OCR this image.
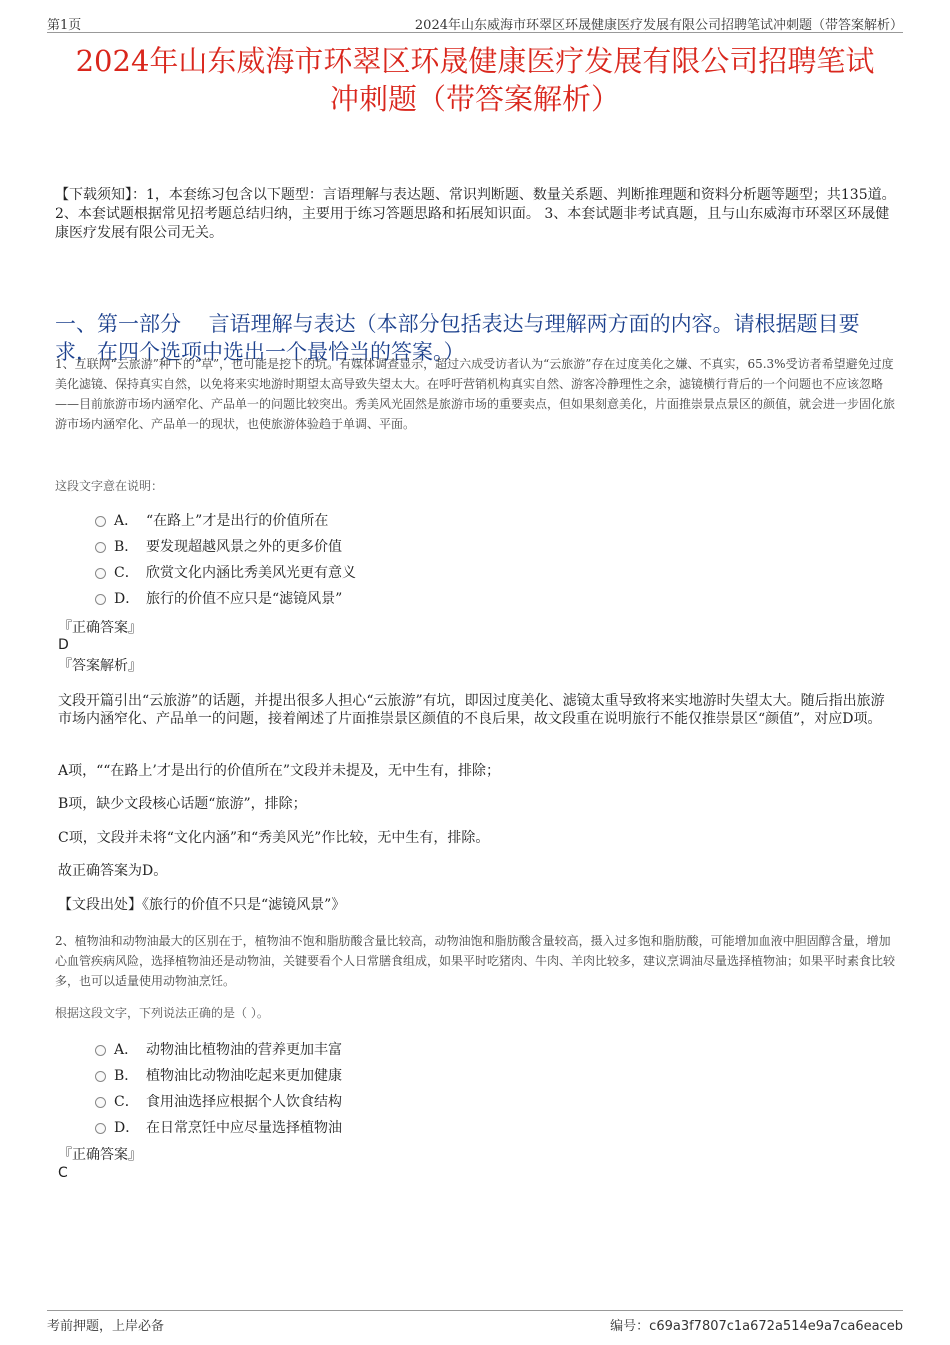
第1页	2024年山东威海市环翠区环晟健康医疗发展有限公司招聘笔试冲刺题（带答案解析）
2024年山东威海市环翠区环晟健康医疗发展有限公司招聘笔试
冲刺题（带答案解析）
【下载须知】：1，本套练习包含以下题型：言语理解与表达题、常识判断题、数量关系题、判断推理题和资料分析题等题型；共135道。 2、本套试题根据常见招考题总结归纳，主要用于练习答题思路和拓展知识面。 3、本套试题非考试真题，且与山东威海市环翠区环晟健康医疗发展有限公司无关。
一、第一部分　 言语理解与表达（本部分包括表达与理解两方面的内容。请根据题目要求，在四个选项中选出一个最恰当的答案。）
1、互联网“云旅游”种下的“草”，也可能是挖下的坑。有媒体调查显示，超过六成受访者认为“云旅游”存在过度美化之嫌、不真实，65.3%受访者希望避免过度美化滤镜、保持真实自然，以免将来实地游时期望太高导致失望太大。在呼吁营销机构真实自然、游客冷静理性之余，滤镜横行背后的一个问题也不应该忽略——目前旅游市场内涵窄化、产品单一的问题比较突出。秀美风光固然是旅游市场的重要卖点，但如果刻意美化，片面推崇景点景区的颜值，就会进一步固化旅游市场内涵窄化、产品单一的现状，也使旅游体验趋于单调、平面。
这段文字意在说明：
A． “在路上”才是出行的价值所在
B． 要发现超越风景之外的更多价值
C． 欣赏文化内涵比秀美风光更有意义
D． 旅行的价值不应只是“滤镜风景”
『正确答案』
D
『答案解析』
文段开篇引出“云旅游”的话题，并提出很多人担心“云旅游”有坑，即因过度美化、滤镜太重导致将来实地游时失望太大。随后指出旅游市场内涵窄化、产品单一的问题，接着阐述了片面推崇景区颜值的不良后果，故文段重在说明旅行不能仅推崇景区“颜值”，对应D项。
A项，““在路上’才是出行的价值所在”文段并未提及，无中生有，排除；
B项，缺少文段核心话题“旅游”，排除；
C项，文段并未将“文化内涵”和“秀美风光”作比较，无中生有，排除。
故正确答案为D。
【文段出处】《旅行的价值不只是“滤镜风景”》
2、植物油和动物油最大的区别在于，植物油不饱和脂肪酸含量比较高，动物油饱和脂肪酸含量较高，摄入过多饱和脂肪酸，可能增加血液中胆固醇含量，增加心血管疾病风险，选择植物油还是动物油，关键要看个人日常膳食组成，如果平时吃猪肉、牛肉、羊肉比较多，建议烹调油尽量选择植物油；如果平时素食比较多，也可以适量使用动物油烹饪。
根据这段文字，下列说法正确的是（ ）。
A． 动物油比植物油的营养更加丰富
B． 植物油比动物油吃起来更加健康
C． 食用油选择应根据个人饮食结构
D． 在日常烹饪中应尽量选择植物油
『正确答案』
C
考前押题，上岸必备	编号：c69a3f7807c1a672a514e9a7ca6eaceb
